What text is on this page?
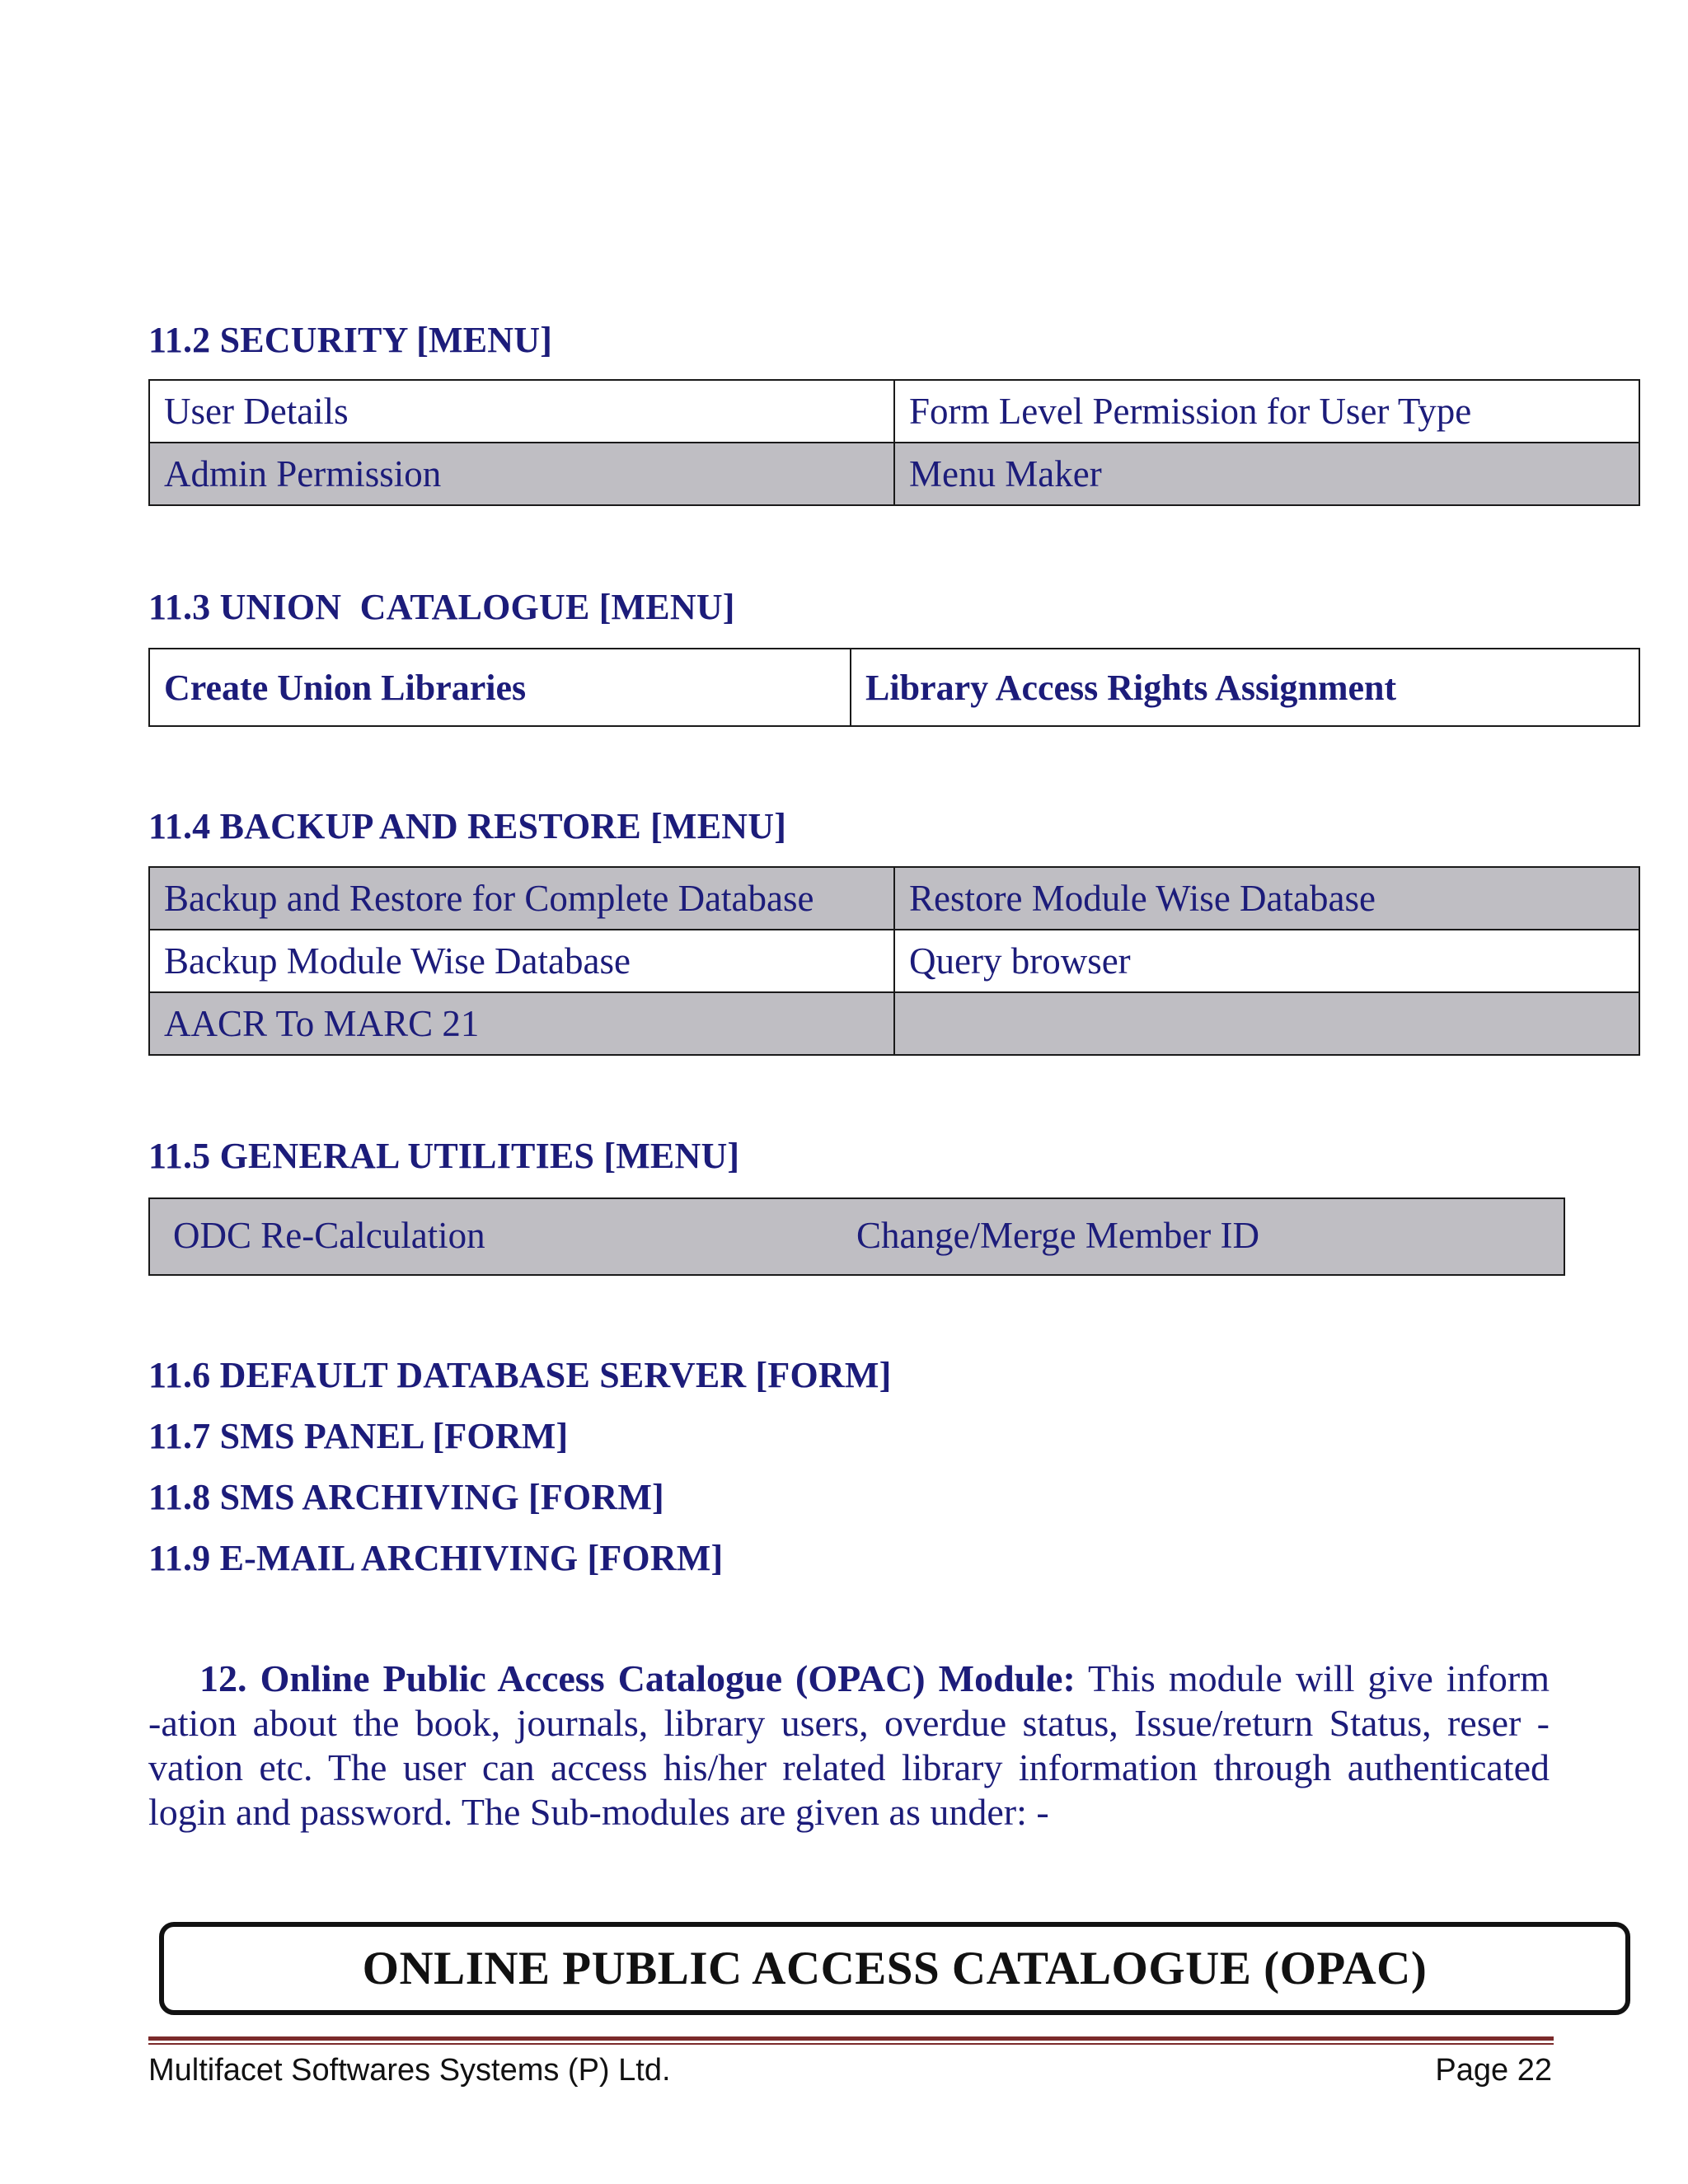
11.2 SECURITY [MENU]
User Details	Form Level Permission for User Type
Admin Permission	Menu Maker
11.3 UNION  CATALOGUE [MENU]
Create Union Libraries	Library Access Rights Assignment
11.4 BACKUP AND RESTORE [MENU]
Backup and Restore for Complete Database	Restore Module Wise Database
Backup Module Wise Database	Query browser
AACR To MARC 21	
11.5 GENERAL UTILITIES [MENU]
ODC Re-Calculation	Change/Merge Member ID
11.6 DEFAULT DATABASE SERVER [FORM]
11.7 SMS PANEL [FORM]
11.8 SMS ARCHIVING [FORM]
11.9 E-MAIL ARCHIVING [FORM]
12. Online Public Access Catalogue (OPAC) Module: This module will give inform
-ation about the book, journals, library users, overdue status, Issue/return Status, reser -
vation etc. The user can access his/her related library information through authenticated
login and password. The Sub-modules are given as under: -
ONLINE PUBLIC ACCESS CATALOGUE (OPAC)
Multifacet Softwares Systems (P) Ltd.	Page 22
